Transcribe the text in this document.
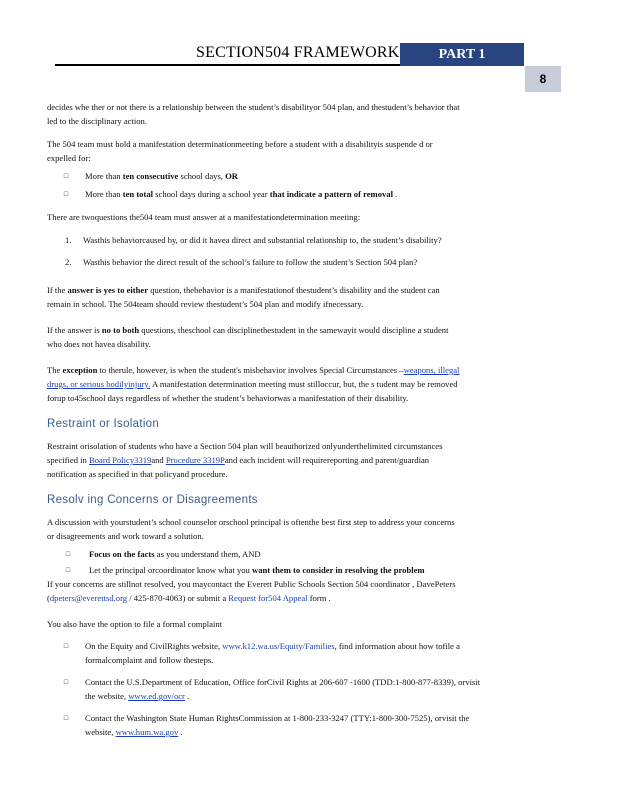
SECTION504 FRAMEWORK	PART 1
8

decides whe ther or not there is a relationship between the student’s disabilityor 504 plan, and thestudent’s behavior that
led to the disciplinary action.

The 504 team must hold a manifestation determinationmeeting before a student with a disabilityis suspende d or
expelled for:

□	More than ten consecutive school days, OR
□	More than ten total school days during a school year that indicate a pattern of removal .

There are twoquestions the504 team must answer at a manifestationdetermination meeting:

1.	Wasthis behaviorcaused by, or did it havea direct and substantial relationship to, the student’s disability?
2.	Wasthis behavior the direct result of the school’s failure to follow the student’s Section 504 plan?

If the answer is yes to either question, thebehavior is a manifestationof thestudent’s disability and the student can
remain in school. The 504team should review thestudent’s 504 plan and modify ifnecessary.

If the answer is no to both questions, theschool can disciplinethestudent in the samewayit would discipline a student
who does not havea disability.

The exception to therule, however, is when the student's misbehavior involves Special Circumstances –weapons, illegal
drugs, or serious bodilyinjury. A manifestation determination meeting must stilloccur, but, the s tudent may be removed
forup to45school days regardless of whether the student’s behaviorwas a manifestation of their disability.

Restraint or Isolation

Restraint orisolation of students who have a Section 504 plan will beauthorized onlyunderthelimited circumstances
specified in Board Policy3319and Procedure 3319Pand each incident will requirereporting and parent/guardian
notification as specified in that policyand procedure.

Resolv ing Concerns or Disagreements

A discussion with yourstudent’s school counselor orschool principal is oftenthe best first step to address your concerns
or disagreements and work toward a solution.

□	Focus on the facts as you understand them, AND
□	Let the principal orcoordinator know what you want them to consider in resolving the problem

If your concerns are stillnot resolved, you maycontact the Everett Public Schools Section 504 coordinator , DavePeters
(dpeters@everettsd.org / 425-870-4063) or submit a Request for504 Appeal form .

You also have the option to file a formal complaint

□	On the Equity and CivilRights website, www.k12.wa.us/Equity/Families, find information about how tofile a
formalcomplaint and follow thesteps.
□	Contact the U.S.Department of Education, Office forCivil Rights at 206-607 -1600 (TDD:1-800-877-8339), orvisit
the website, www.ed.gov/ocr .
□	Contact the Washington State Human RightsCommission at 1-800-233-3247 (TTY:1-800-300-7525), orvisit the
website, www.hum.wa.gov .
